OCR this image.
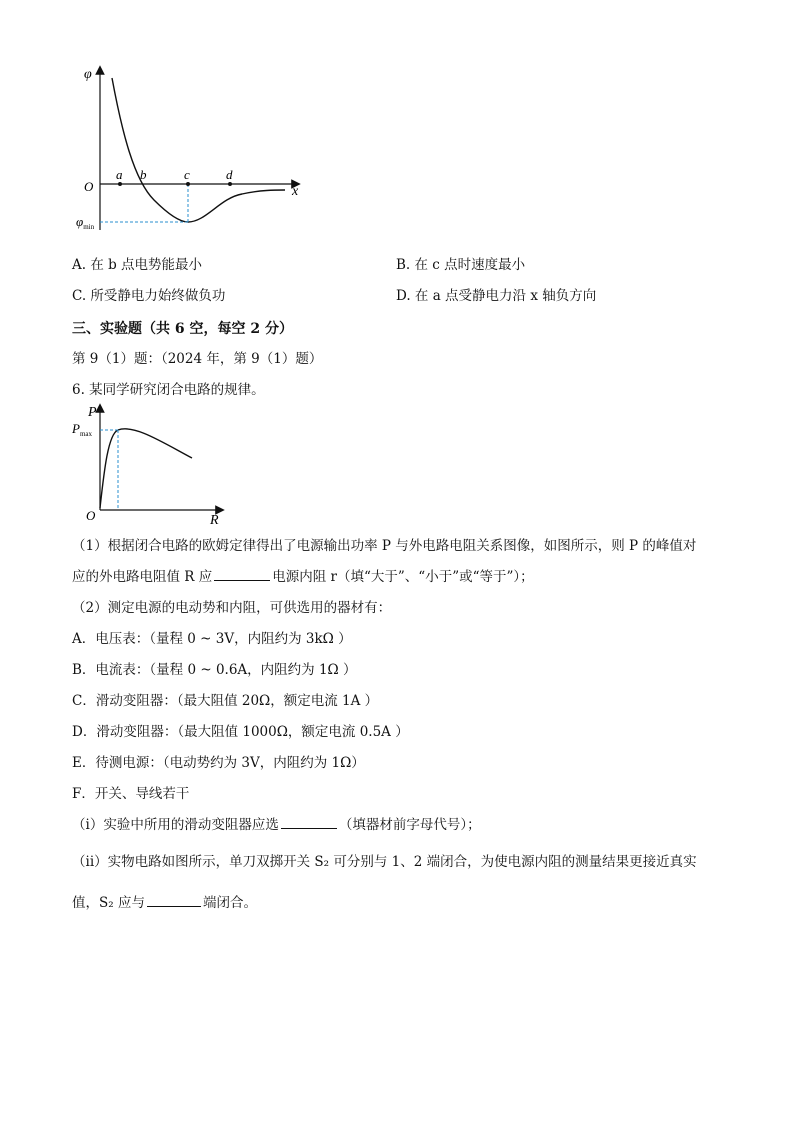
φ
x
O
a b	c	d
$\varphi_{min}$
A. 在 b 点电势能最小	B. 在 c 点时速度最小
C. 所受静电力始终做负功	D. 在 a 点受静电力沿 x 轴负方向
三、实验题（共 6 空，每空 2 分）
第 9（1）题：（2024 年，第 9（1）题）
6. 某同学研究闭合电路的规律。
P
R
O
$P_{max}$
（1）根据闭合电路的欧姆定律得出了电源输出功率 P 与外电路电阻关系图像，如图所示，则 P 的峰值对
应的外电路电阻值 R 应	电源内阻 r（填“大于”、“小于”或“等于”）；
（2）测定电源的电动势和内阻，可供选用的器材有：
A．电压表：（量程 0 ~ 3V，内阻约为 3kΩ ）
B．电流表：（量程 0 ~ 0.6A，内阻约为 1Ω ）
C．滑动变阻器：（最大阻值 20Ω，额定电流 1A ）
D．滑动变阻器：（最大阻值 1000Ω，额定电流 0.5A ）
E．待测电源：（电动势约为 3V，内阻约为 1Ω）
F．开关、导线若干
（i）实验中所用的滑动变阻器应选	（填器材前字母代号）；
（ii）实物电路如图所示，单刀双掷开关 S₂ 可分别与 1、2 端闭合，为使电源内阻的测量结果更接近真实
值，S₂ 应与	端闭合。
